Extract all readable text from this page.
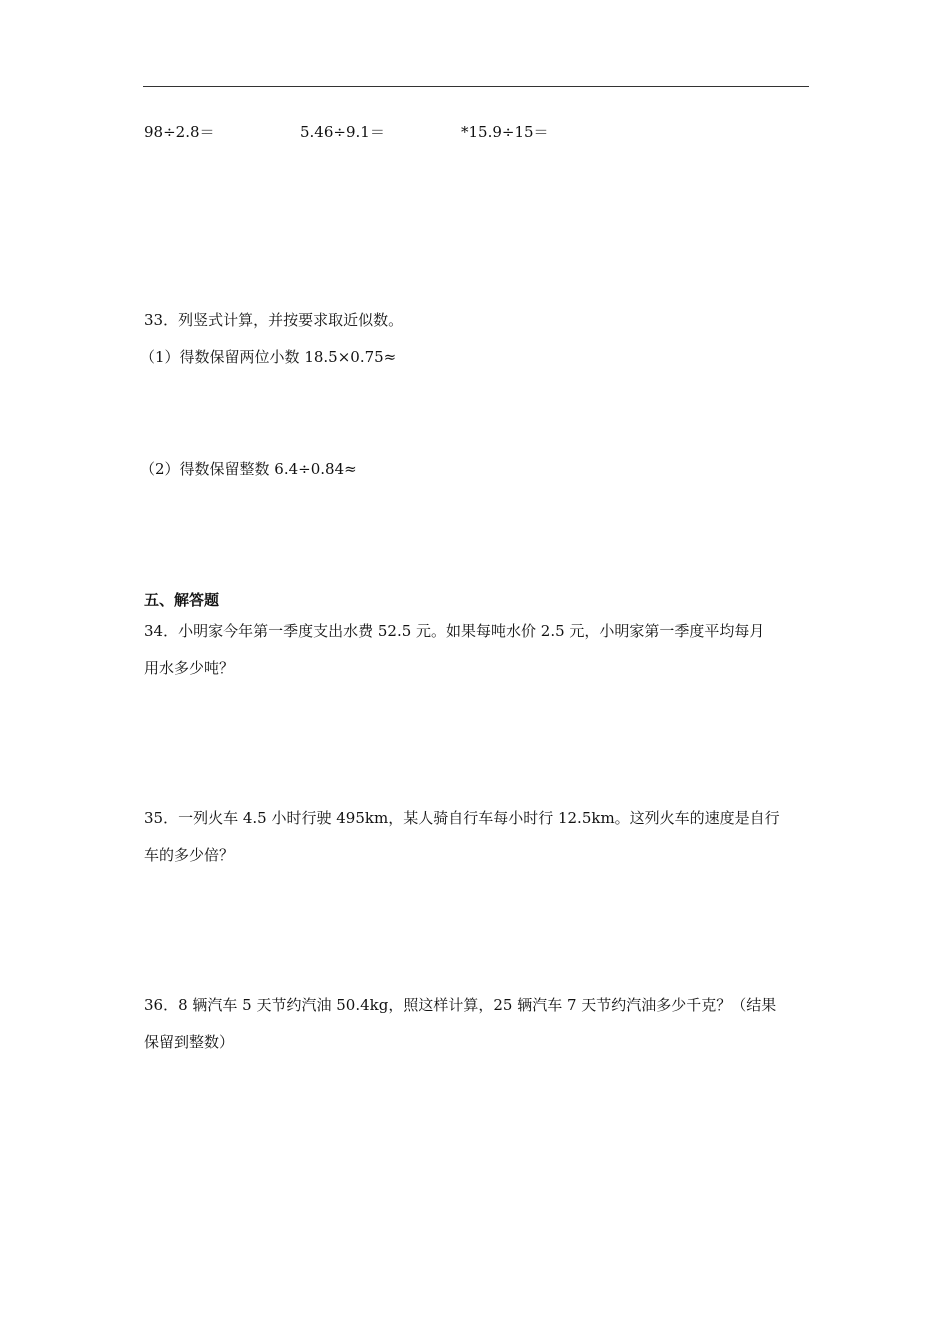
98÷2.8＝	5.46÷9.1＝	*15.9÷15＝
33．列竖式计算，并按要求取近似数。
（1）得数保留两位小数 18.5×0.75≈
（2）得数保留整数 6.4÷0.84≈
五、解答题
34．小明家今年第一季度支出水费 52.5 元。如果每吨水价 2.5 元，小明家第一季度平均每月
用水多少吨？
35．一列火车 4.5 小时行驶 495km，某人骑自行车每小时行 12.5km。这列火车的速度是自行
车的多少倍？
36．8 辆汽车 5 天节约汽油 50.4kg，照这样计算，25 辆汽车 7 天节约汽油多少千克？（结果
保留到整数）
